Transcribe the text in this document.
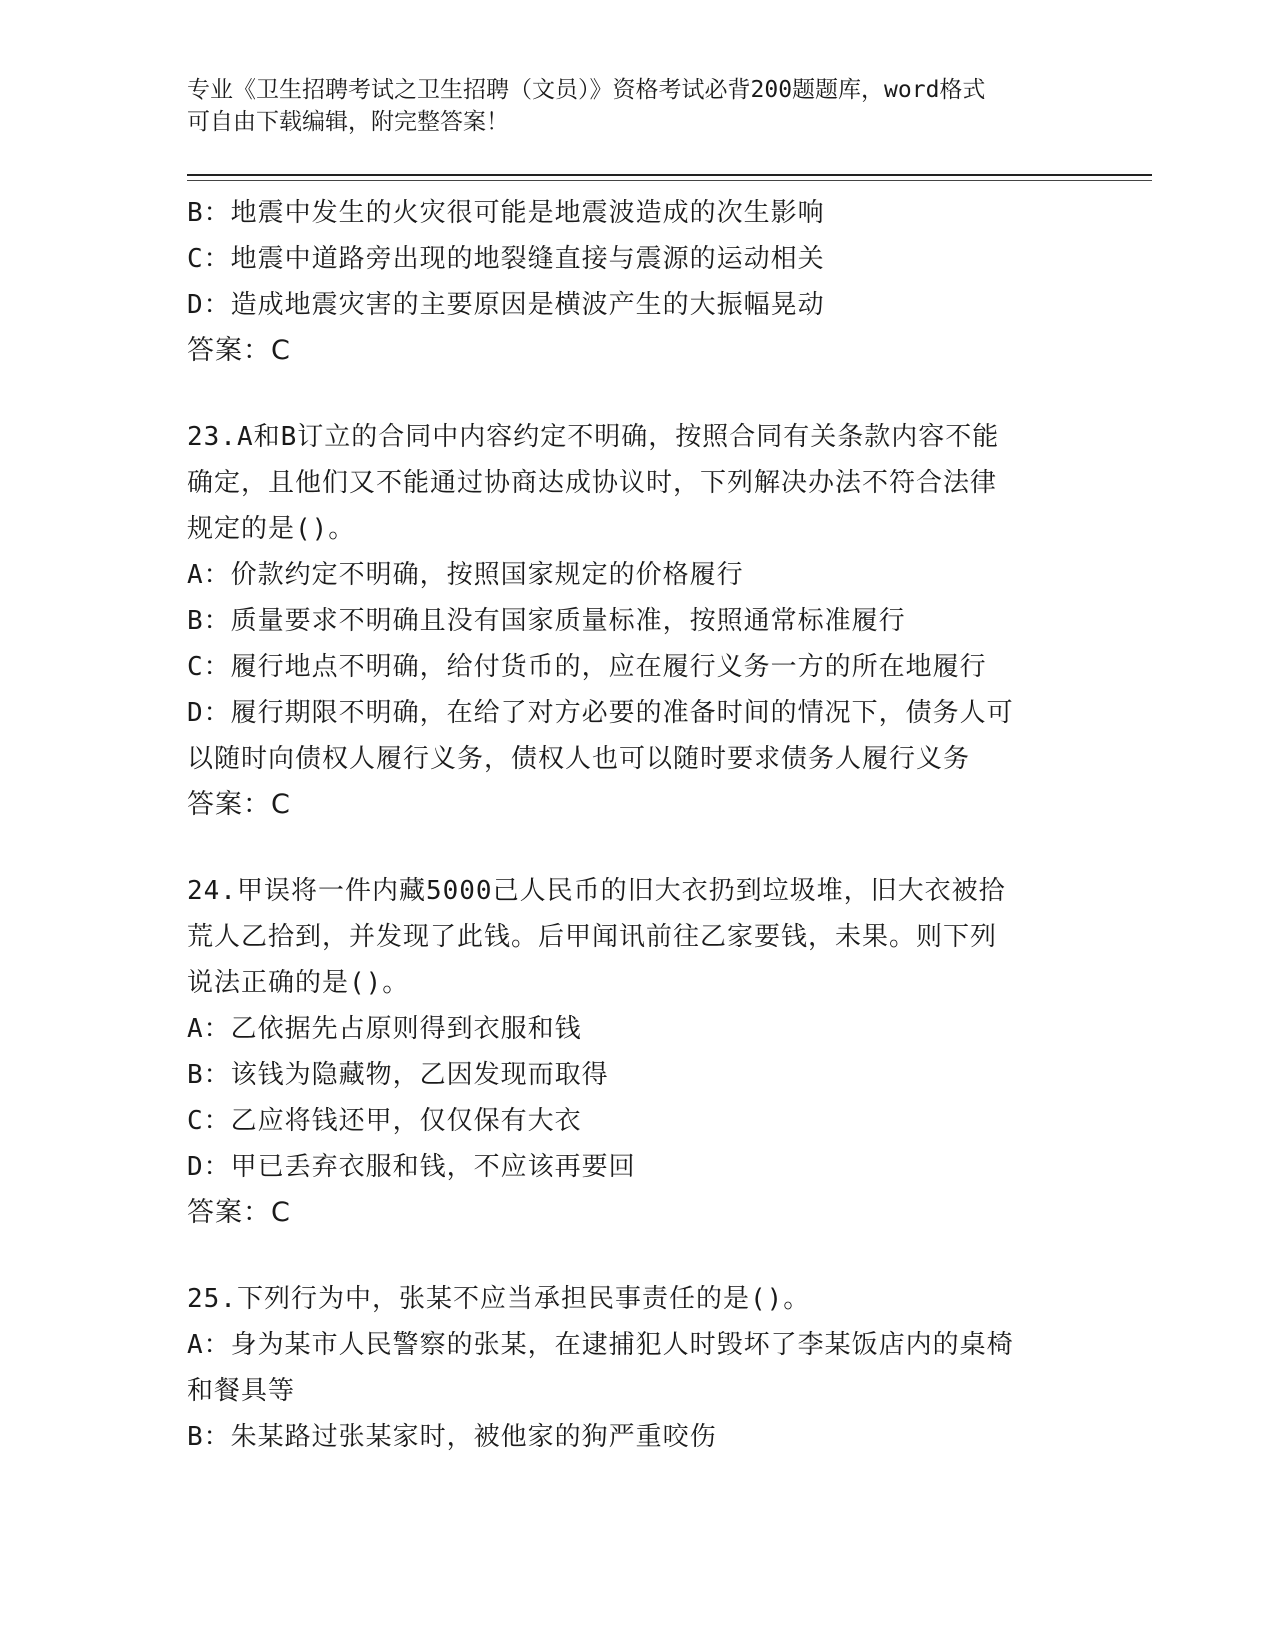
专业《卫生招聘考试之卫生招聘（文员）》资格考试必背200题题库，word格式
可自由下载编辑，附完整答案！
B：地震中发生的火灾很可能是地震波造成的次生影响
C：地震中道路旁出现的地裂缝直接与震源的运动相关
D：造成地震灾害的主要原因是横波产生的大振幅晃动
答案：C
23.A和B订立的合同中内容约定不明确，按照合同有关条款内容不能
确定，且他们又不能通过协商达成协议时，下列解决办法不符合法律
规定的是()。
A：价款约定不明确，按照国家规定的价格履行
B：质量要求不明确且没有国家质量标准，按照通常标准履行
C：履行地点不明确，给付货币的，应在履行义务一方的所在地履行
D：履行期限不明确，在给了对方必要的准备时间的情况下，债务人可
以随时向债权人履行义务，债权人也可以随时要求债务人履行义务
答案：C
24.甲误将一件内藏5000己人民币的旧大衣扔到垃圾堆，旧大衣被拾
荒人乙拾到，并发现了此钱。后甲闻讯前往乙家要钱，未果。则下列
说法正确的是()。
A：乙依据先占原则得到衣服和钱
B：该钱为隐藏物，乙因发现而取得
C：乙应将钱还甲，仅仅保有大衣
D：甲已丢弃衣服和钱，不应该再要回
答案：C
25.下列行为中，张某不应当承担民事责任的是()。
A：身为某市人民警察的张某，在逮捕犯人时毁坏了李某饭店内的桌椅
和餐具等
B：朱某路过张某家时，被他家的狗严重咬伤
